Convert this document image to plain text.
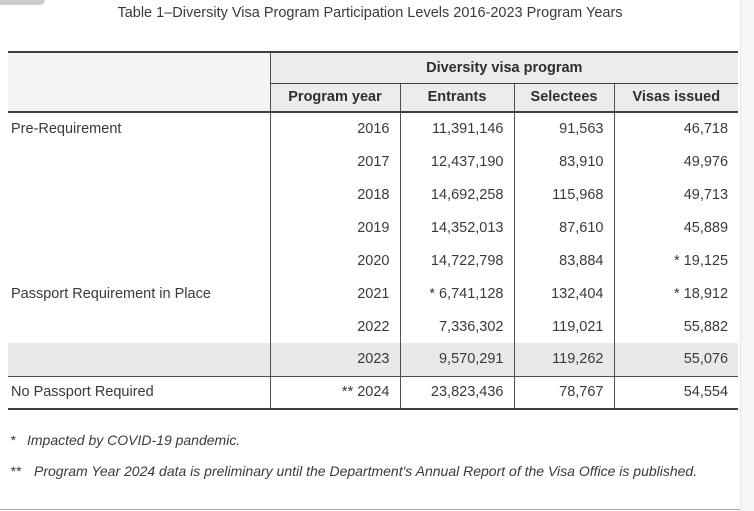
Table 1–Diversity Visa Program Participation Levels 2016-2023 Program Years
	Diversity visa program			
	Program year	Entrants	Selectees	Visas issued
Pre-Requirement	2016	11,391,146	91,563	46,718
	2017	12,437,190	83,910	49,976
	2018	14,692,258	115,968	49,713
	2019	14,352,013	87,610	45,889
	2020	14,722,798	83,884	* 19,125
Passport Requirement in Place	2021	* 6,741,128	132,404	* 18,912
	2022	7,336,302	119,021	55,882
	2023	9,570,291	119,262	55,076
No Passport Required	** 2024	23,823,436	78,767	54,554
* Impacted by COVID-19 pandemic.
** Program Year 2024 data is preliminary until the Department's Annual Report of the Visa Office is published.
